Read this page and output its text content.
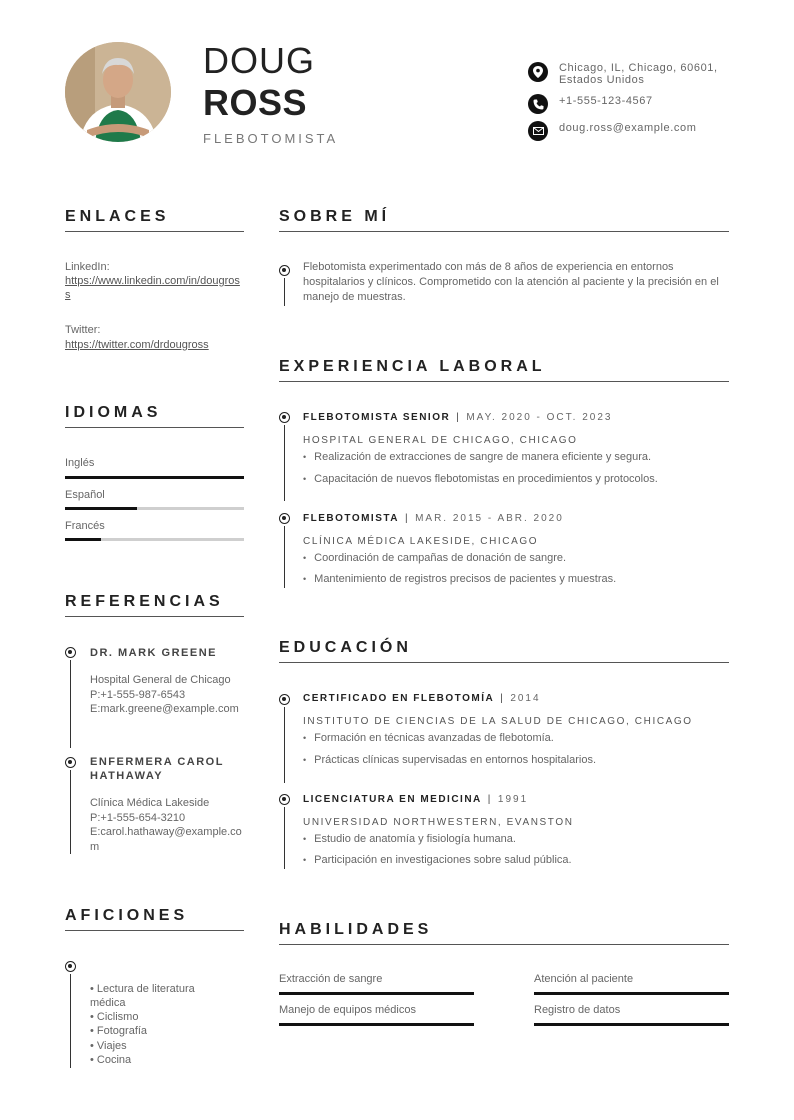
DOUG
ROSS
FLEBOTOMISTA
Chicago, IL, Chicago, 60601, Estados Unidos
+1-555-123-4567
doug.ross@example.com
ENLACES
LinkedIn:
https://www.linkedin.com/in/dougross
Twitter:
https://twitter.com/drdougross
IDIOMAS
Inglés
Español
Francés
REFERENCIAS
DR. MARK GREENE
Hospital General de Chicago
P:+1-555-987-6543
E:mark.greene@example.com
ENFERMERA CAROL HATHAWAY
Clínica Médica Lakeside
P:+1-555-654-3210
E:carol.hathaway@example.com
AFICIONES
• Lectura de literatura médica
• Ciclismo
• Fotografía
• Viajes
• Cocina
SOBRE MÍ
Flebotomista experimentado con más de 8 años de experiencia en entornos hospitalarios y clínicos. Comprometido con la atención al paciente y la precisión en el manejo de muestras.
EXPERIENCIA LABORAL
FLEBOTOMISTA SENIOR | MAY. 2020 - OCT. 2023
HOSPITAL GENERAL DE CHICAGO, CHICAGO
• Realización de extracciones de sangre de manera eficiente y segura.
• Capacitación de nuevos flebotomistas en procedimientos y protocolos.
FLEBOTOMISTA | MAR. 2015 - ABR. 2020
CLÍNICA MÉDICA LAKESIDE, CHICAGO
• Coordinación de campañas de donación de sangre.
• Mantenimiento de registros precisos de pacientes y muestras.
EDUCACIÓN
CERTIFICADO EN FLEBOTOMÍA | 2014
INSTITUTO DE CIENCIAS DE LA SALUD DE CHICAGO, CHICAGO
• Formación en técnicas avanzadas de flebotomía.
• Prácticas clínicas supervisadas en entornos hospitalarios.
LICENCIATURA EN MEDICINA | 1991
UNIVERSIDAD NORTHWESTERN, EVANSTON
• Estudio de anatomía y fisiología humana.
• Participación en investigaciones sobre salud pública.
HABILIDADES
Extracción de sangre	Atención al paciente
Manejo de equipos médicos	Registro de datos
